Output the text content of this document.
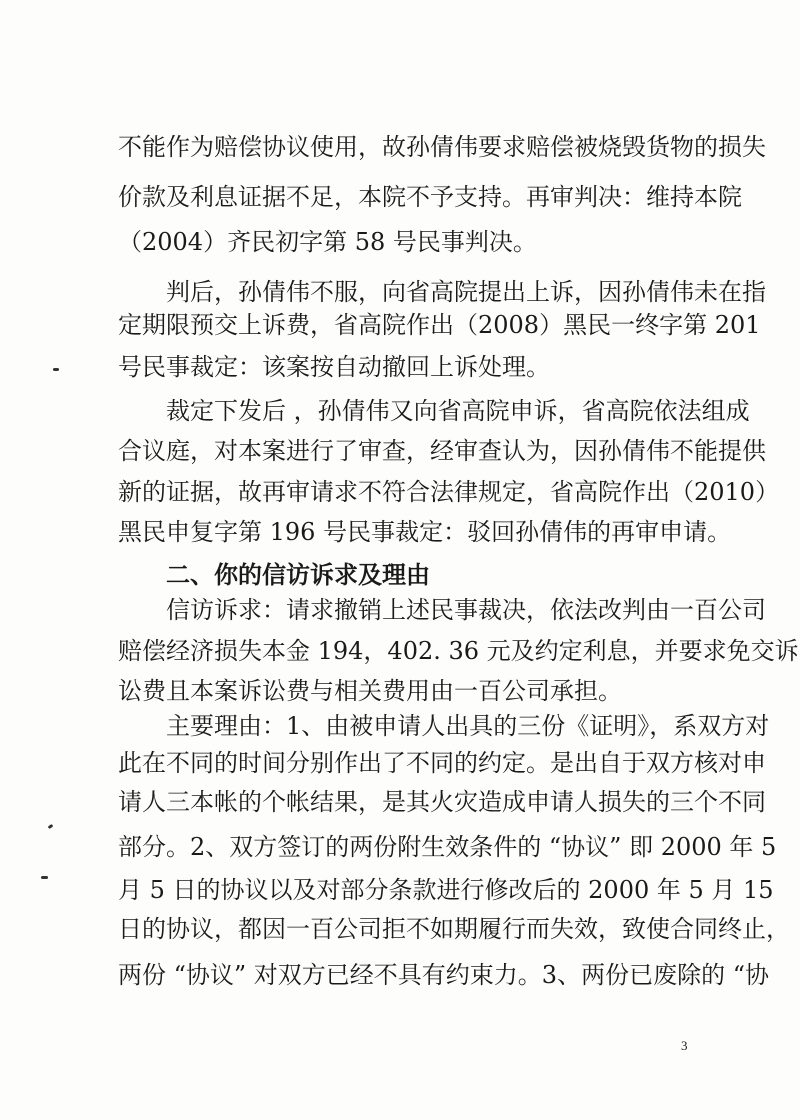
不能作为赔偿协议使用，故孙倩伟要求赔偿被烧毁货物的损失
价款及利息证据不足，本院不予支持。再审判决：维持本院
（2004）齐民初字第 58 号民事判决。
判后，孙倩伟不服，向省高院提出上诉，因孙倩伟未在指
定期限预交上诉费，省高院作出（2008）黑民一终字第 201
号民事裁定：该案按自动撤回上诉处理。
裁定下发后 ，孙倩伟又向省高院申诉，省高院依法组成
合议庭，对本案进行了审查，经审查认为，因孙倩伟不能提供
新的证据，故再审请求不符合法律规定，省高院作出（2010）
黑民申复字第 196 号民事裁定：驳回孙倩伟的再审申请。
二、你的信访诉求及理由
信访诉求：请求撤销上述民事裁决，依法改判由一百公司
赔偿经济损失本金 194，402. 36 元及约定利息，并要求免交诉
讼费且本案诉讼费与相关费用由一百公司承担。
主要理由：1、由被申请人出具的三份《证明》，系双方对
此在不同的时间分别作出了不同的约定。是出自于双方核对申
请人三本帐的个帐结果，是其火灾造成申请人损失的三个不同
部分。2、双方签订的两份附生效条件的 “协议” 即 2000 年 5
月 5 日的协议以及对部分条款进行修改后的 2000 年 5 月 15
日的协议，都因一百公司拒不如期履行而失效，致使合同终止，
两份 “协议” 对双方已经不具有约束力。3、两份已废除的 “协
3
